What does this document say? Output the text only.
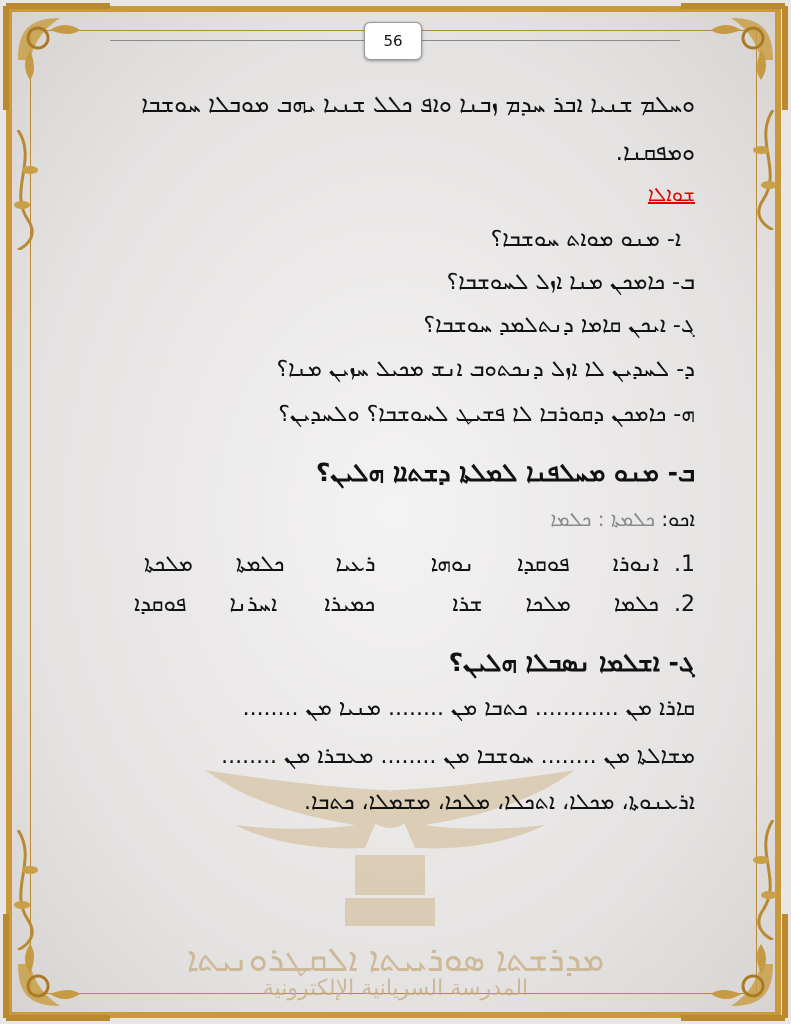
56
ܡܕܪܫܬܐ ܣܘܪܝܝܬܐ ܐܠܩܛܪܘܢܝܬܐ
المدرسة السريانية الإلكترونية
ܘܚܠܡ ܫܢܝܐ ܐܒܪ ܚܕܡ ܙܒܢܐ ܘܐܦ ܟܠܠ ܫܢܝܐ ܝܗܒ ܡܘܒܠܐ ܚܘܫܒܐ
ܘܡܦܩܢܐ.
ܫܘܐܠܐ
ܐ- ܡܢܘ ܡܘܐܬ ܚܘܫܒܐ؟
ܒ- ܟܐܡܟܢ ܡܢܐ ܐܙܠ ܠܚܘܫܒܐ؟
ܓ- ܐܝܟܢ ܩܐܡܐ ܕܢܬܠܡܕ ܚܘܫܒܐ؟
ܕ- ܠܚܕܝܢ ܠܐ ܐܙܠ ܕܢܟܬܘܒ ܐܢܫ ܡܟܝܠ ܚܙܝܢ ܡܢܐ؟
ܗ- ܟܐܡܟܢ ܕܩܘܪܒܐ ܠܐ ܦܫܝܛ ܠܚܘܫܒܐ؟ ܘܠܚܕܝܢ؟
ܒ- ܡܢܘ ܡܚܠܦܢܐ ܠܡܠܬܐ ܕܫܬܐܐ ܗܠܝܢ؟
ܐܟܘ: ܟܠܡܬܐ : ܟܠܡܐ
1. ܐܢܘܪܐ ܦܘܩܕܐ ܢܘܗܐ ܪܥܝܐ ܟܠܡܬܐ ܡܠܟܬܐ
2. ܟܠܡܐ ܡܠܟܐ ܫܪܐ ܟܡܝܪܐ ܐܚܪܢܐ ܦܘܩܕܐ
ܓ- ܐܫܠܡܐ ܢܣܒܠܐ ܗܠܝܢ؟
ܩܐܪܐ ܡܢ ............ ܟܬܒܐ ܡܢ ........ ܡܢܝܐ ܡܢ ........
ܡܫܐܠܬܐ ܡܢ ........ ܚܘܫܒܐ ܡܢ ........ ܡܥܒܪܐ ܡܢ ........
ܐܪܥܢܘܬܐ، ܡܟܠܐ، ܐܬܟܠܐ، ܡܠܟܐ، ܡܫܡܠܐ، ܟܬܒܐ.
